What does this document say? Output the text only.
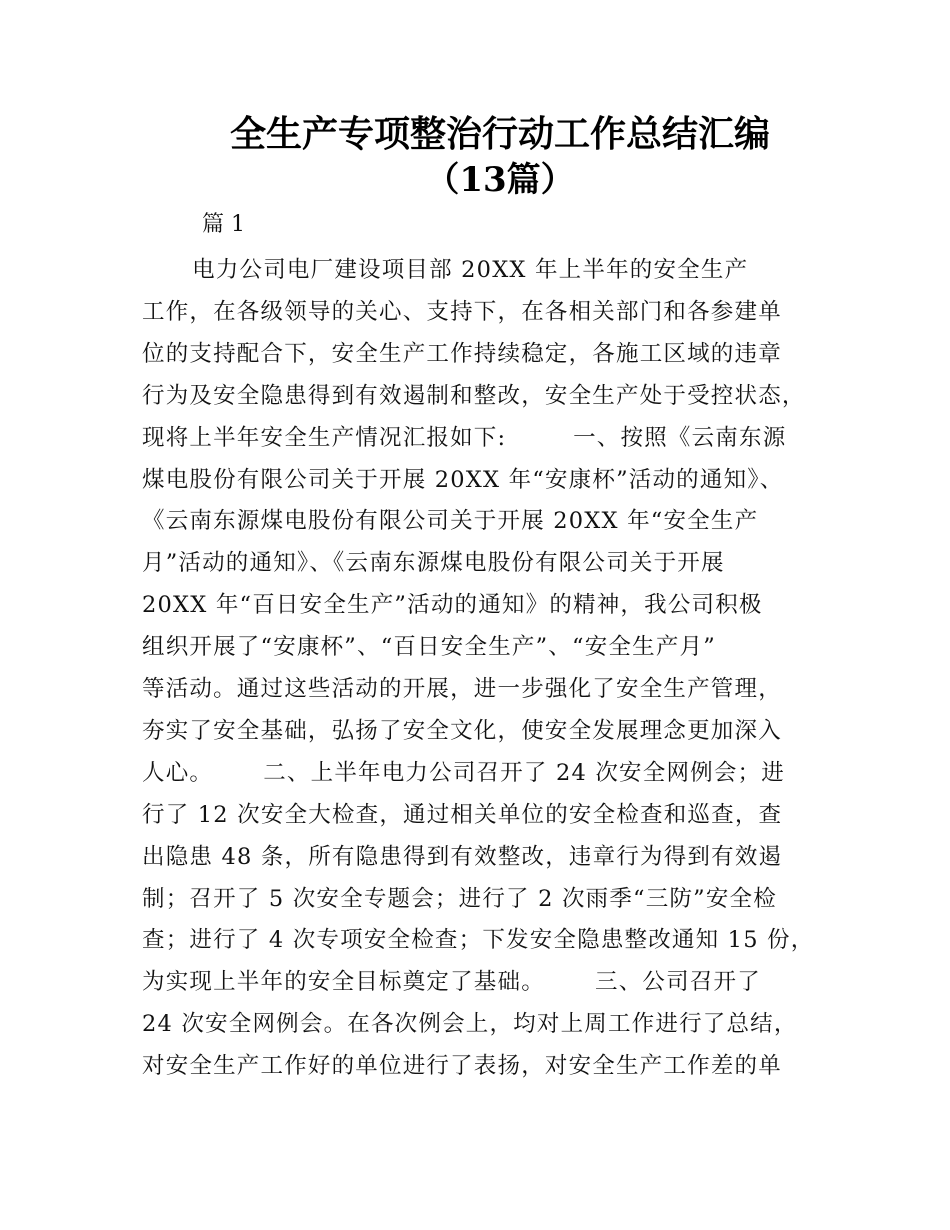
全生产专项整治行动工作总结汇编
（13篇）
篇 1
电力公司电厂建设项目部 20XX 年上半年的安全生产
工作，在各级领导的关心、支持下，在各相关部门和各参建单
位的支持配合下，安全生产工作持续稳定，各施工区域的违章
行为及安全隐患得到有效遏制和整改，安全生产处于受控状态，
现将上半年安全生产情况汇报如下:        一、按照《云南东源
煤电股份有限公司关于开展 20XX 年“安康杯”活动的通知》、
《云南东源煤电股份有限公司关于开展 20XX 年“安全生产
月”活动的通知》、《云南东源煤电股份有限公司关于开展
20XX 年“百日安全生产”活动的通知》的精神，我公司积极
组织开展了“安康杯”、“百日安全生产”、“安全生产月”
等活动。通过这些活动的开展，进一步强化了安全生产管理，
夯实了安全基础，弘扬了安全文化，使安全发展理念更加深入
人心。      二、上半年电力公司召开了 24 次安全网例会；进
行了 12 次安全大检查，通过相关单位的安全检查和巡查，查
出隐患 48 条，所有隐患得到有效整改，违章行为得到有效遏
制；召开了 5 次安全专题会；进行了 2 次雨季“三防”安全检
查；进行了 4 次专项安全检查；下发安全隐患整改通知 15 份，
为实现上半年的安全目标奠定了基础。      三、公司召开了
24 次安全网例会。在各次例会上，均对上周工作进行了总结，
对安全生产工作好的单位进行了表扬，对安全生产工作差的单
